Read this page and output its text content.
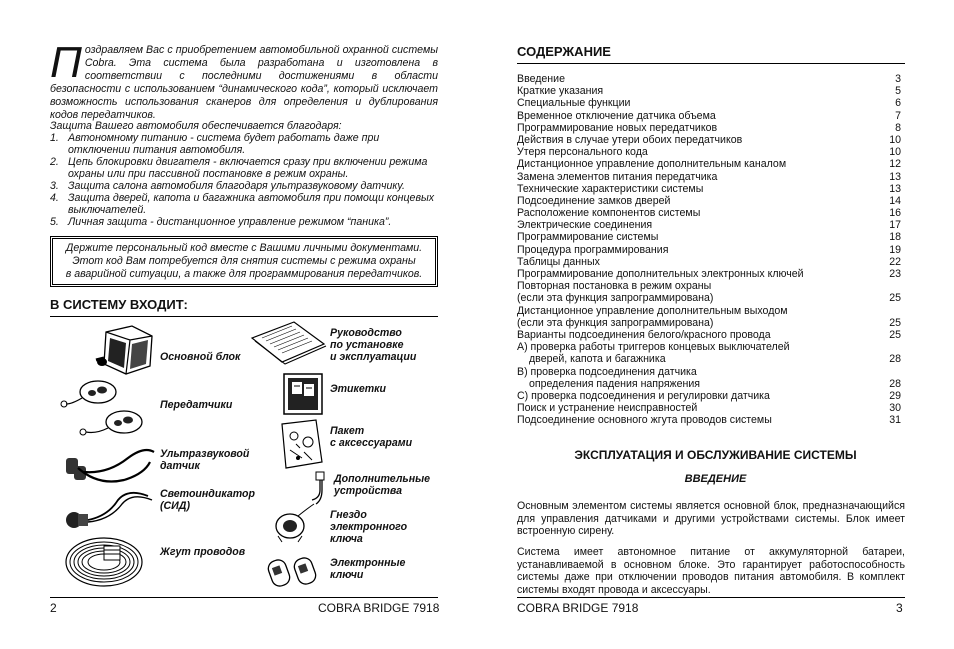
Поздравляем Вас с приобретением автомобильной охранной системы Cobra. Эта система была разработана и изготовлена в соответствии с последними достижениями в области безопасности с использованием “динамического кода”, который исключает возможность использования сканеров для определения и дублирования кодов передатчиков.

Защита Вашего автомобиля обеспечивается благодаря:

1. Автономному питанию - система будет работать даже при отключении питания автомобиля.
2. Цепь блокировки двигателя - включается сразу при включении режима охраны или при пассивной постановке в режим охраны.
3. Защита салона автомобиля благодаря ультразвуковому датчику.
4. Защита дверей, капота и багажника автомобиля при помощи концевых выключателей.
5. Личная защита - дистанционное управление режимом “паника”.
Держите персональный код вместе с Вашими личными документами.
Этот код Вам потребуется для снятия системы с режима охраны
в аварийной ситуации, а также для программирования передатчиков.
В СИСТЕМУ ВХОДИТ:
Основной блок
Передатчики
Ультразвуковой
датчик
Светоиндикатор
(СИД)
Жгут проводов
Руководство
по установке
и эксплуатации
Этикетки
Пакет
с аксессуарами
Дополнительные
устройства
Гнездо
электронного
ключа
Электронные
ключи
2	COBRA BRIDGE 7918
СОДЕРЖАНИЕ
Введение	3
Краткие указания	5
Специальные функции	6
Временное отключение датчика объема	7
Программирование новых передатчиков	8
Действия в случае утери обоих передатчиков	10
Утеря персонального кода	10
Дистанционное управление дополнительным каналом	12
Замена элементов питания передатчика	13
Технические характеристики системы	13
Подсоединение замков дверей	14
Расположение компонентов системы	16
Электрические соединения	17
Программирование системы	18
Процедура программирования	19
Таблицы данных	22
Программирование дополнительных электронных ключей	23
Повторная постановка в режим охраны
(если эта функция запрограммирована)	25
Дистанционное управление дополнительным выходом
(если эта функция запрограммирована)	25
Варианты подсоединения белого/красного провода	25
А) проверка работы триггеров концевых выключателей
дверей, капота и багажника	28
В) проверка подсоединения датчика
определения падения напряжения	28
С) проверка подсоединения и регулировки датчика	29
Поиск и устранение неисправностей	30
Подсоединение основного жгута проводов системы	31
ЭКСПЛУАТАЦИЯ И ОБСЛУЖИВАНИЕ СИСТЕМЫ
ВВЕДЕНИЕ
Основным элементом системы является основной блок, предназначающийся для управления датчиками и другими устройствами системы. Блок имеет встроенную сирену.
Система имеет автономное питание от аккумуляторной батареи, устанавливаемой в основном блоке. Это гарантирует работоспособность системы даже при отключении проводов питания автомобиля. В комплект системы входят провода и аксессуары.
COBRA BRIDGE 7918	3
